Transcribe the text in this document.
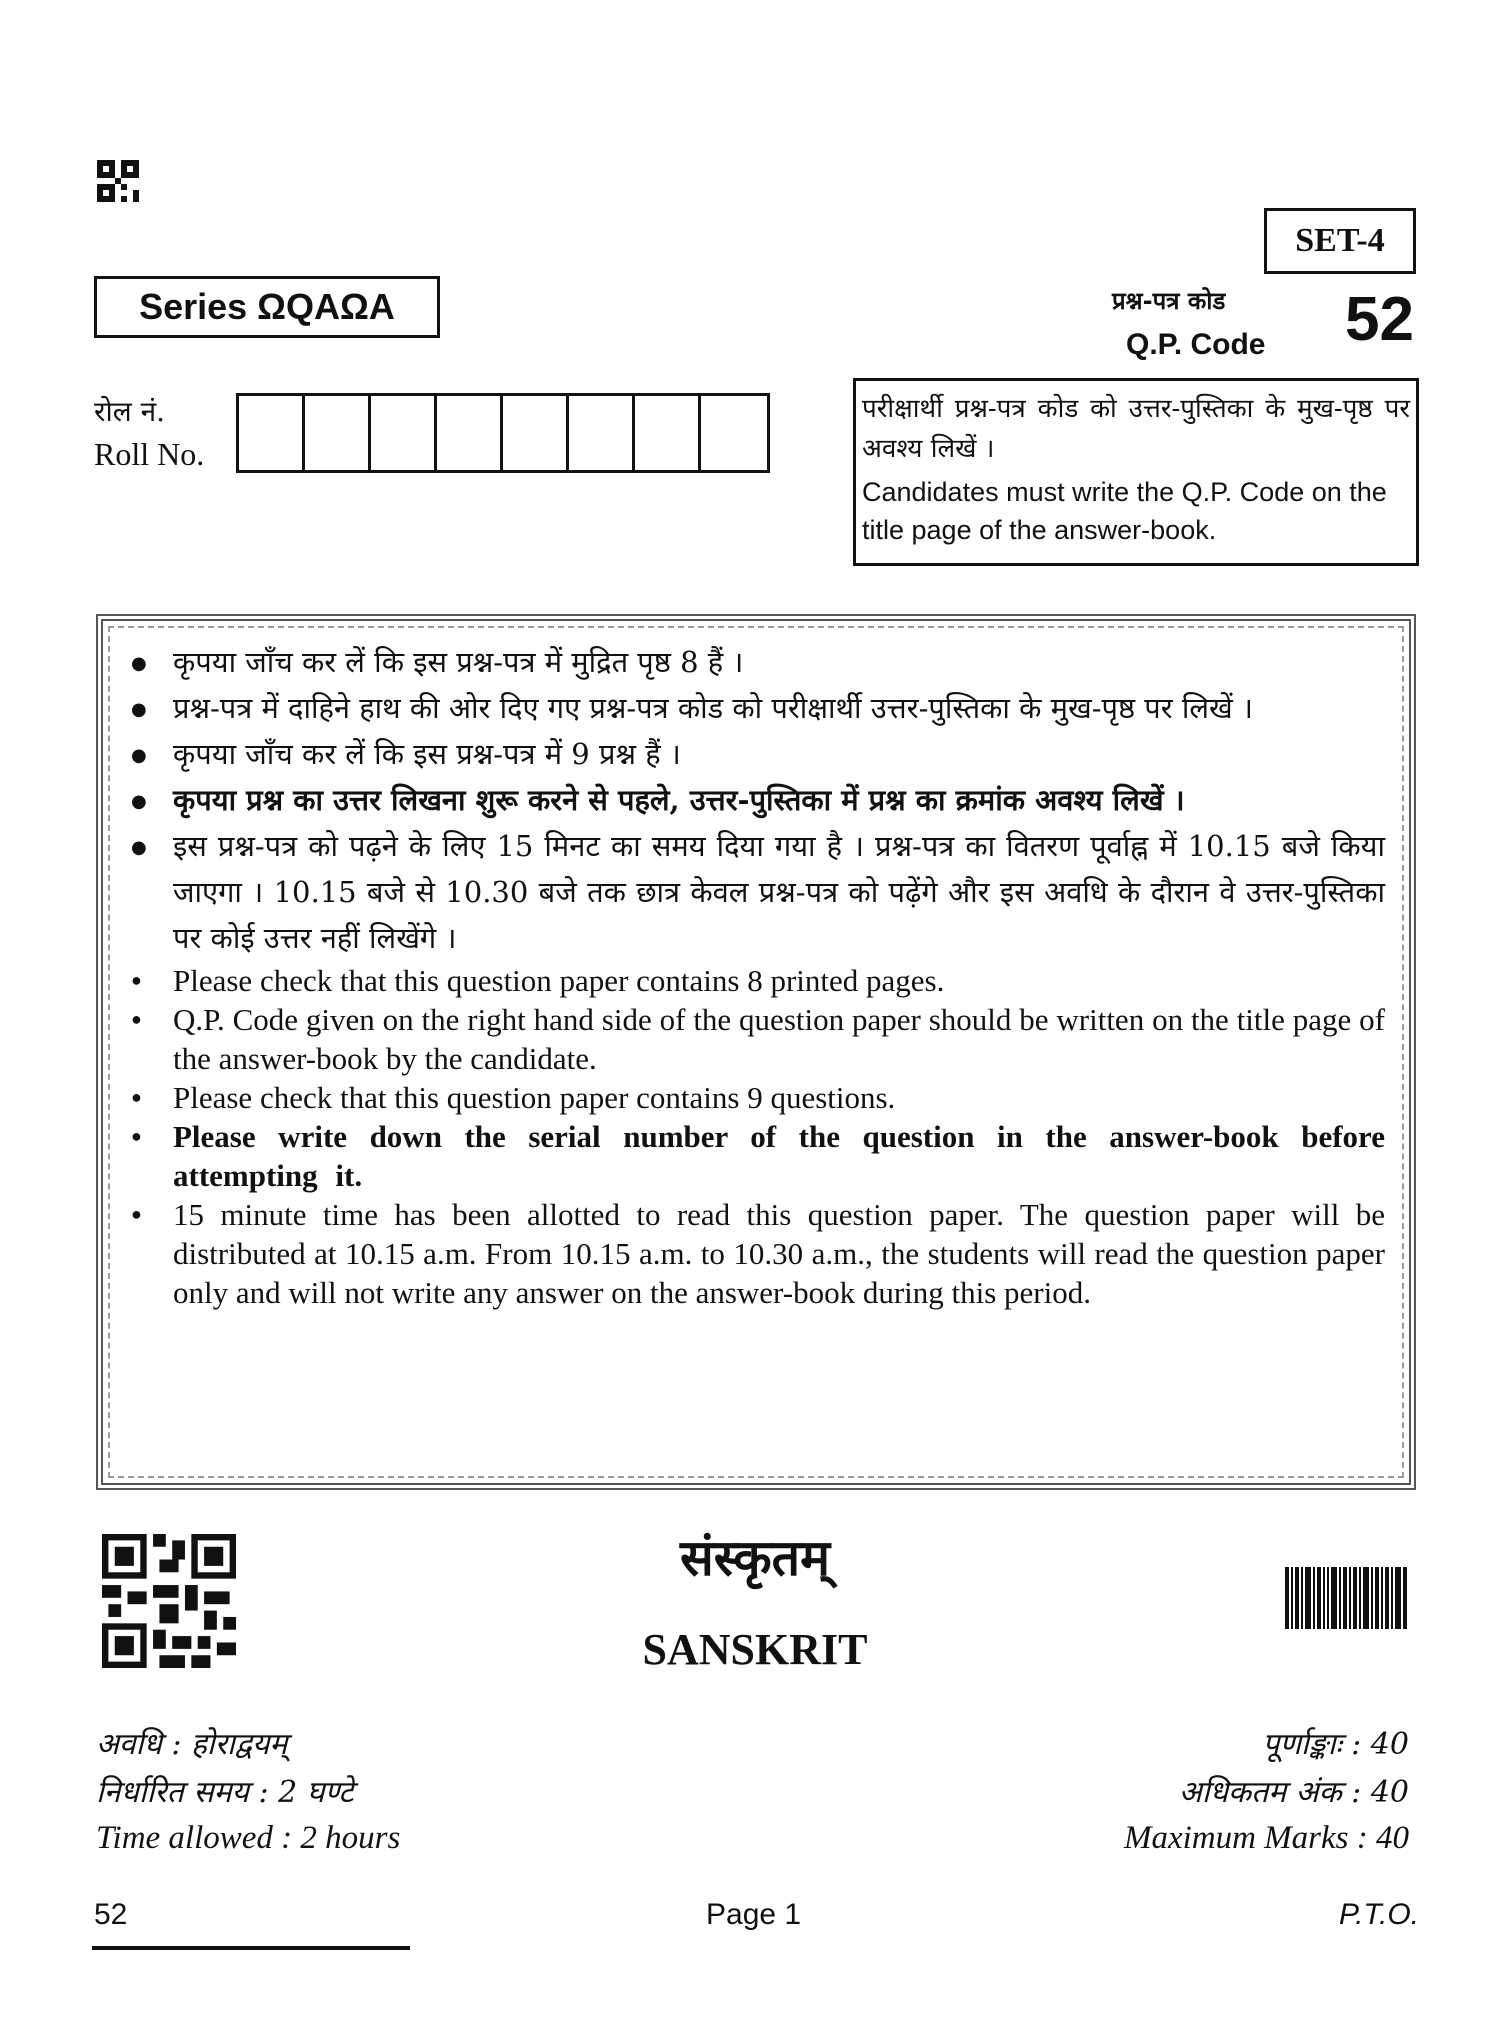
SET-4
Series ΩQAΩA	प्रश्न-पत्र कोड
Q.P. Code 52
रोल नं.
Roll No.
परीक्षार्थी प्रश्न-पत्र कोड को उत्तर-पुस्तिका के मुख-पृष्ठ पर अवश्य लिखें ।
Candidates must write the Q.P. Code on the title page of the answer-book.
● कृपया जाँच कर लें कि इस प्रश्न-पत्र में मुद्रित पृष्ठ 8 हैं ।
● प्रश्न-पत्र में दाहिने हाथ की ओर दिए गए प्रश्न-पत्र कोड को परीक्षार्थी उत्तर-पुस्तिका के मुख-पृष्ठ पर लिखें ।
● कृपया जाँच कर लें कि इस प्रश्न-पत्र में 9 प्रश्न हैं ।
● कृपया प्रश्न का उत्तर लिखना शुरू करने से पहले, उत्तर-पुस्तिका में प्रश्न का क्रमांक अवश्य लिखें ।
● इस प्रश्न-पत्र को पढ़ने के लिए 15 मिनट का समय दिया गया है । प्रश्न-पत्र का वितरण पूर्वाह्न में 10.15 बजे किया जाएगा । 10.15 बजे से 10.30 बजे तक छात्र केवल प्रश्न-पत्र को पढ़ेंगे और इस अवधि के दौरान वे उत्तर-पुस्तिका पर कोई उत्तर नहीं लिखेंगे ।
● Please check that this question paper contains 8 printed pages.
● Q.P. Code given on the right hand side of the question paper should be written on the title page of the answer-book by the candidate.
● Please check that this question paper contains 9 questions.
● Please write down the serial number of the question in the answer-book before attempting it.
● 15 minute time has been allotted to read this question paper. The question paper will be distributed at 10.15 a.m. From 10.15 a.m. to 10.30 a.m., the students will read the question paper only and will not write any answer on the answer-book during this period.
संस्कृतम्
SANSKRIT
अवधि : होराद्वयम्
निर्धारित समय : 2 घण्टे
Time allowed : 2 hours
पूर्णाङ्काः : 40
अधिकतम अंक : 40
Maximum Marks : 40
52	Page 1	P.T.O.
